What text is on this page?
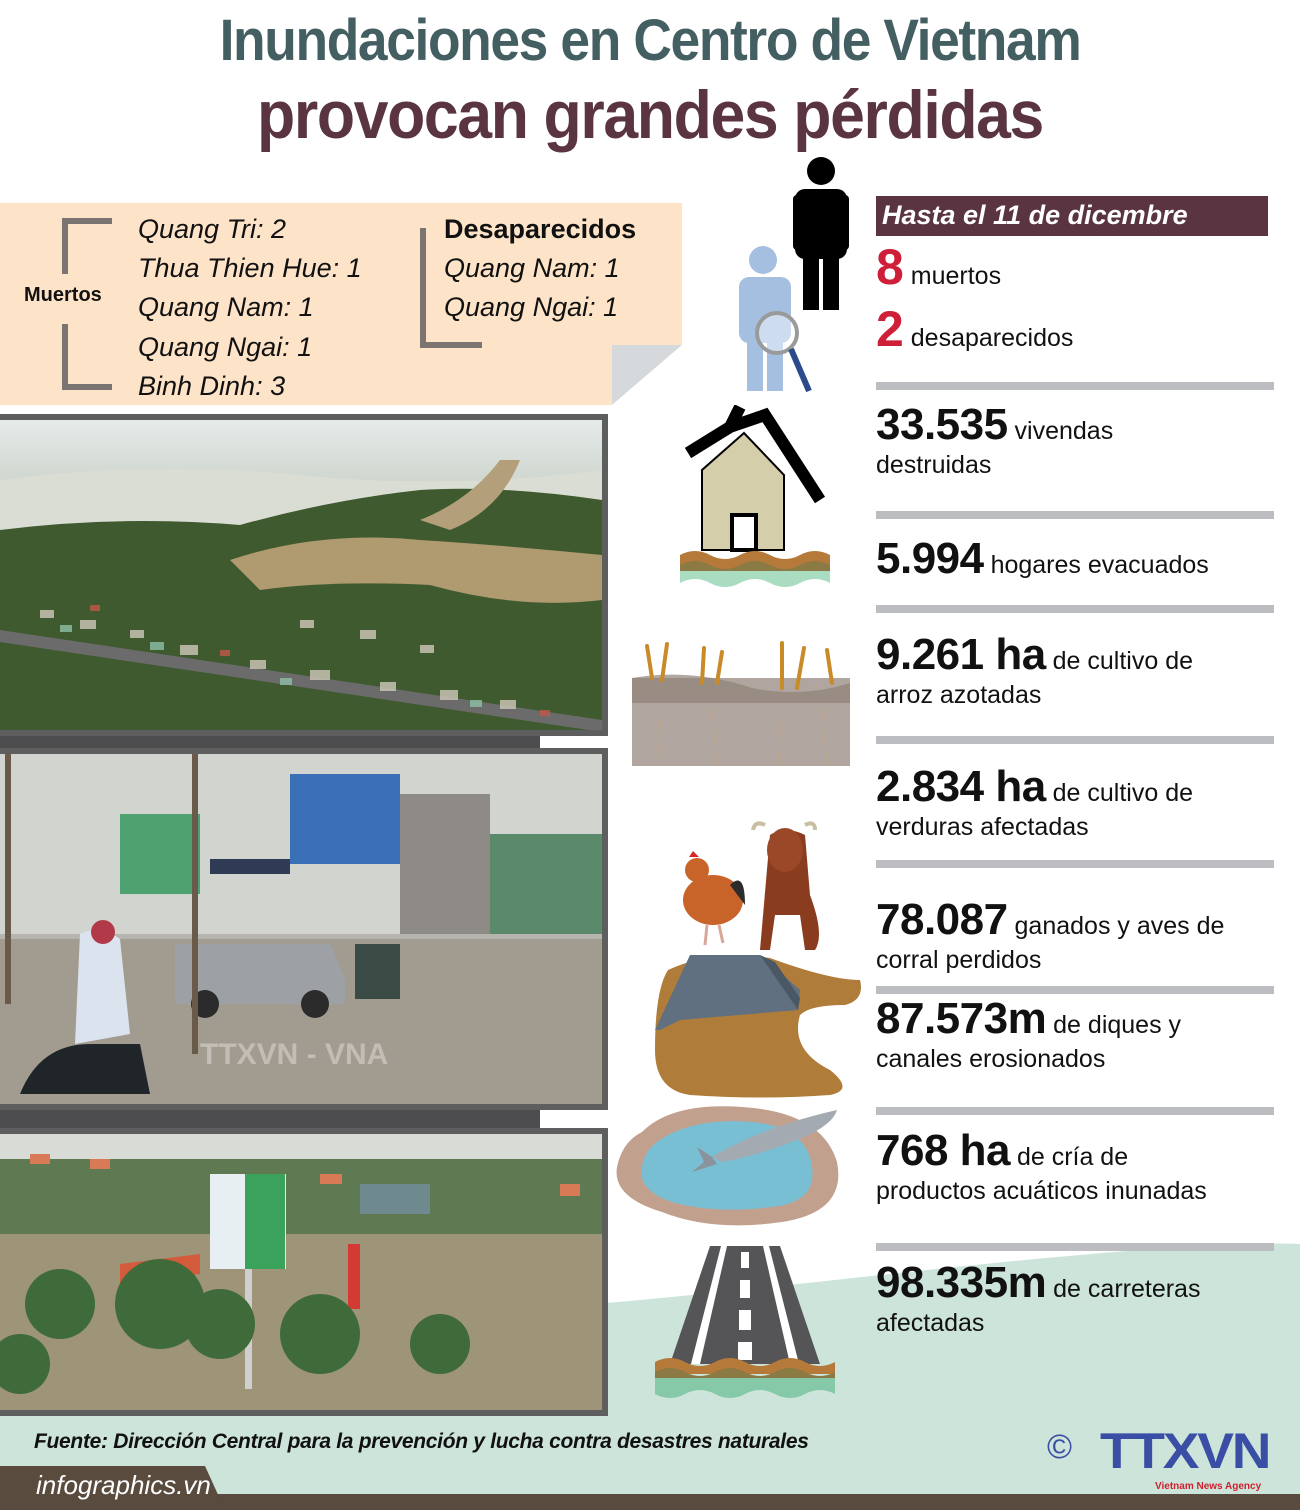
Inundaciones en Centro de Vietnam
provocan grandes pérdidas
Muertos
Quang Tri: 2
Thua Thien Hue: 1
Quang Nam: 1
Quang Ngai: 1
Binh Dinh: 3
Desaparecidos
Quang Nam: 1
Quang Ngai: 1
TTXVN - VNA
Hasta el 11 de dicembre
8 muertos
2 desaparecidos
33.535 vivendas
destruidas
5.994 hogares evacuados
9.261 ha de cultivo de
arroz azotadas
2.834 ha de cultivo de
verduras afectadas
78.087 ganados y aves de
corral perdidos
87.573m de diques y
canales erosionados
768 ha de cría de
productos acuáticos inunadas
98.335m de carreteras
afectadas
Fuente: Dirección Central para la prevención y lucha contra desastres naturales
infographics.vn
© TTXVN
Vietnam News Agency
